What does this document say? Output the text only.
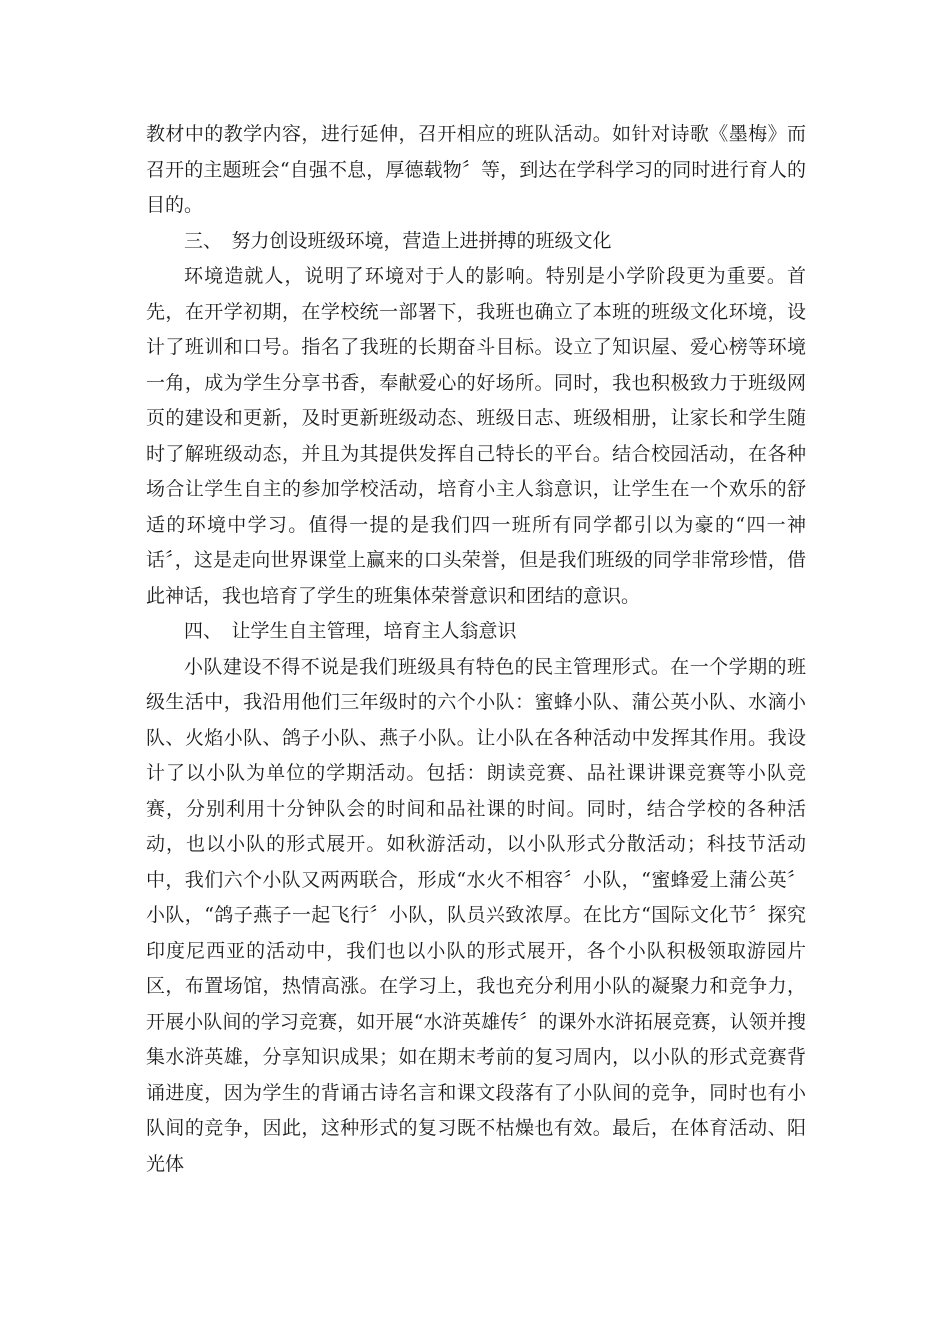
教材中的教学内容，进行延伸，召开相应的班队活动。如针对诗歌《墨梅》而召开的主题班会“自强不息，厚德载物〞等，到达在学科学习的同时进行育人的目的。

三、　努力创设班级环境，营造上进拼搏的班级文化

环境造就人，说明了环境对于人的影响。特别是小学阶段更为重要。首先，在开学初期，在学校统一部署下，我班也确立了本班的班级文化环境，设计了班训和口号。指名了我班的长期奋斗目标。设立了知识屋、爱心榜等环境一角，成为学生分享书香，奉献爱心的好场所。同时，我也积极致力于班级网页的建设和更新，及时更新班级动态、班级日志、班级相册，让家长和学生随时了解班级动态，并且为其提供发挥自己特长的平台。结合校园活动，在各种场合让学生自主的参加学校活动，培育小主人翁意识，让学生在一个欢乐的舒适的环境中学习。值得一提的是我们四一班所有同学都引以为豪的“四一神话〞，这是走向世界课堂上赢来的口头荣誉，但是我们班级的同学非常珍惜，借此神话，我也培育了学生的班集体荣誉意识和团结的意识。

四、　让学生自主管理，培育主人翁意识

小队建设不得不说是我们班级具有特色的民主管理形式。在一个学期的班级生活中，我沿用他们三年级时的六个小队：蜜蜂小队、蒲公英小队、水滴小队、火焰小队、鸽子小队、燕子小队。让小队在各种活动中发挥其作用。我设计了以小队为单位的学期活动。包括：朗读竞赛、品社课讲课竞赛等小队竞赛，分别利用十分钟队会的时间和品社课的时间。同时，结合学校的各种活动，也以小队的形式展开。如秋游活动，以小队形式分散活动；科技节活动中，我们六个小队又两两联合，形成“水火不相容〞小队，“蜜蜂爱上蒲公英〞小队，“鸽子燕子一起飞行〞小队，队员兴致浓厚。在比方“国际文化节〞探究印度尼西亚的活动中，我们也以小队的形式展开，各个小队积极领取游园片区，布置场馆，热情高涨。在学习上，我也充分利用小队的凝聚力和竞争力，开展小队间的学习竞赛，如开展“水浒英雄传〞的课外水浒拓展竞赛，认领并搜集水浒英雄，分享知识成果；如在期末考前的复习周内，以小队的形式竞赛背诵进度，因为学生的背诵古诗名言和课文段落有了小队间的竞争，同时也有小队间的竞争，因此，这种形式的复习既不枯燥也有效。最后，在体育活动、阳光体
